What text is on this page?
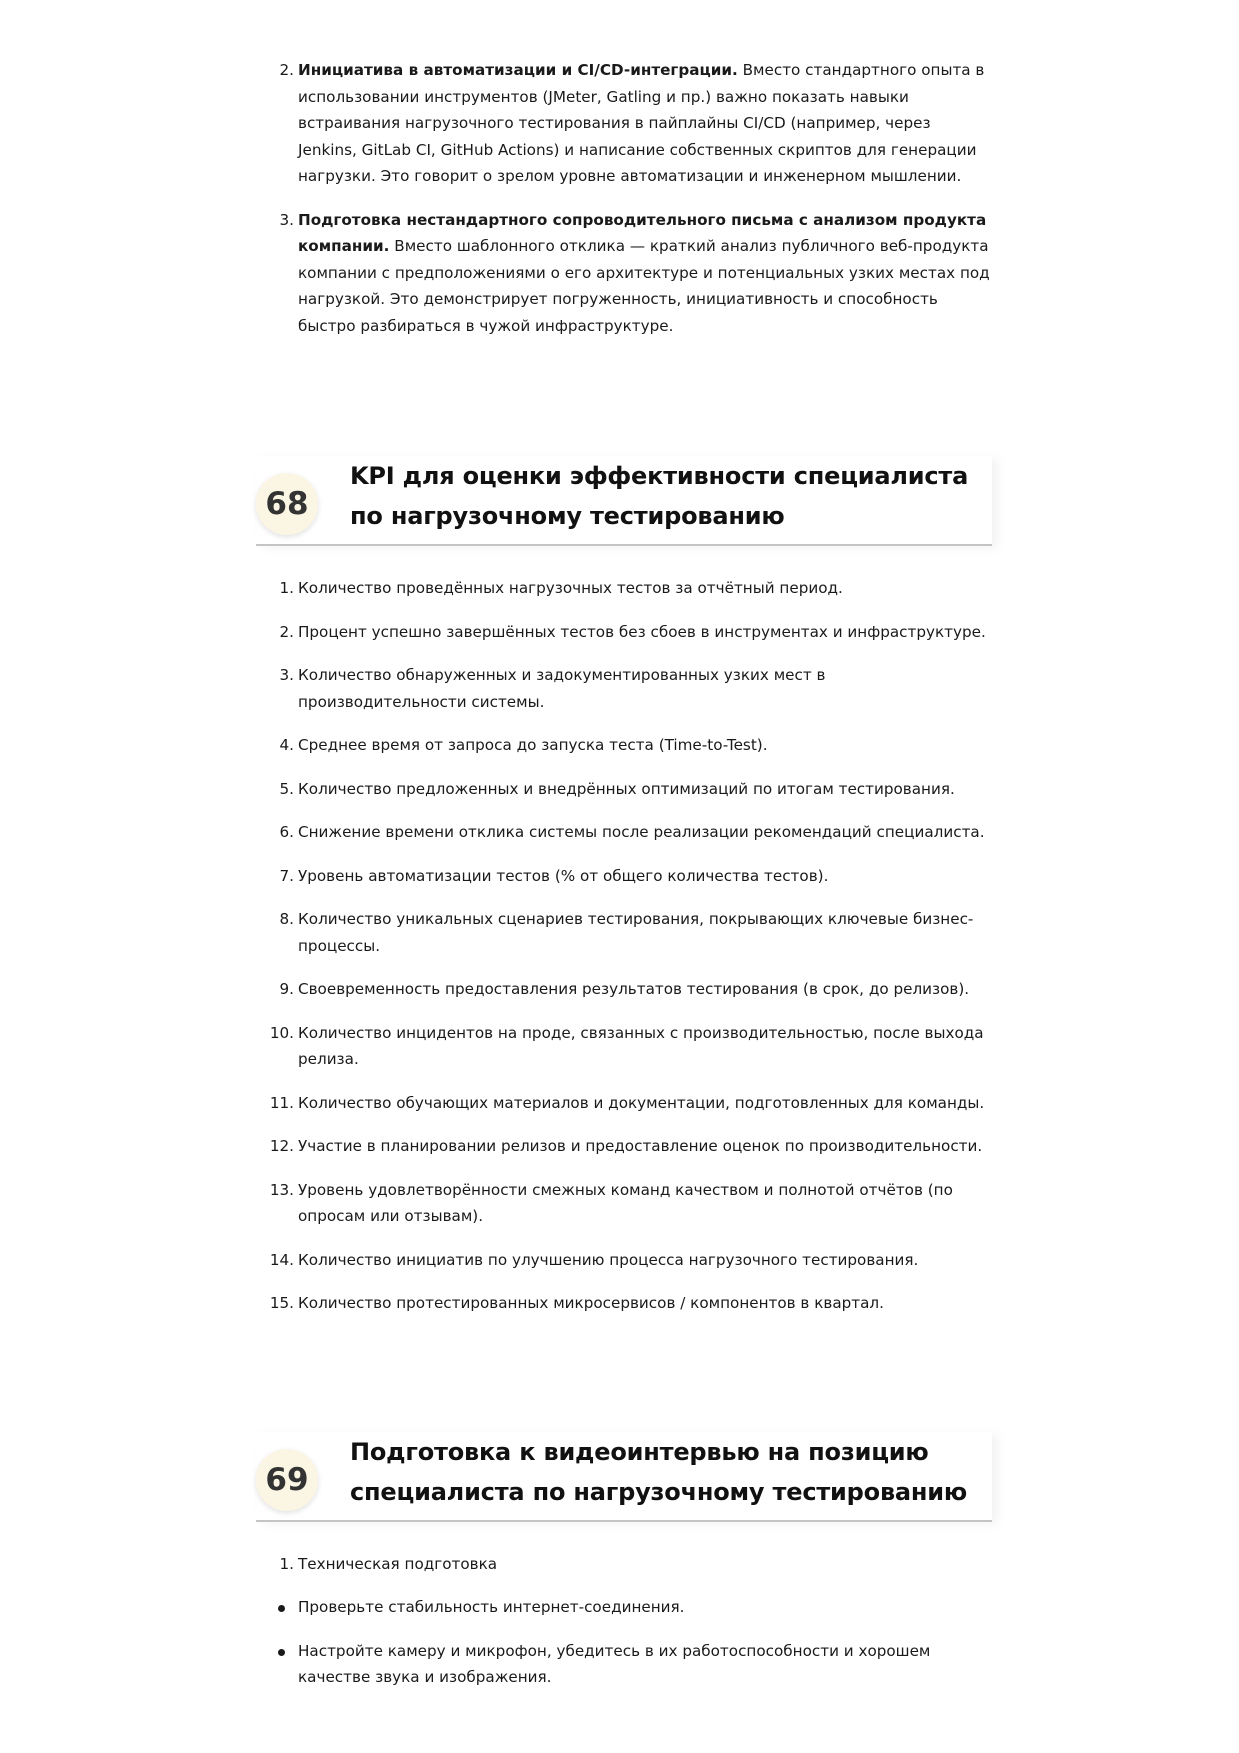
2. Инициатива в автоматизации и CI/CD-интеграции. Вместо стандартного опыта в использовании инструментов (JMeter, Gatling и пр.) важно показать навыки встраивания нагрузочного тестирования в пайплайны CI/CD (например, через Jenkins, GitLab CI, GitHub Actions) и написание собственных скриптов для генерации нагрузки. Это говорит о зрелом уровне автоматизации и инженерном мышлении.
3. Подготовка нестандартного сопроводительного письма с анализом продукта компании. Вместо шаблонного отклика — краткий анализ публичного веб-продукта компании с предположениями о его архитектуре и потенциальных узких местах под нагрузкой. Это демонстрирует погруженность, инициативность и способность быстро разбираться в чужой инфраструктуре.
68
KPI для оценки эффективности специалиста по нагрузочному тестированию
1. Количество проведённых нагрузочных тестов за отчётный период.
2. Процент успешно завершённых тестов без сбоев в инструментах и инфраструктуре.
3. Количество обнаруженных и задокументированных узких мест в производительности системы.
4. Среднее время от запроса до запуска теста (Time-to-Test).
5. Количество предложенных и внедрённых оптимизаций по итогам тестирования.
6. Снижение времени отклика системы после реализации рекомендаций специалиста.
7. Уровень автоматизации тестов (% от общего количества тестов).
8. Количество уникальных сценариев тестирования, покрывающих ключевые бизнес-процессы.
9. Своевременность предоставления результатов тестирования (в срок, до релизов).
10. Количество инцидентов на проде, связанных с производительностью, после выхода релиза.
11. Количество обучающих материалов и документации, подготовленных для команды.
12. Участие в планировании релизов и предоставление оценок по производительности.
13. Уровень удовлетворённости смежных команд качеством и полнотой отчётов (по опросам или отзывам).
14. Количество инициатив по улучшению процесса нагрузочного тестирования.
15. Количество протестированных микросервисов / компонентов в квартал.
69
Подготовка к видеоинтервью на позицию специалиста по нагрузочному тестированию
1. Техническая подготовка
Проверьте стабильность интернет-соединения.
Настройте камеру и микрофон, убедитесь в их работоспособности и хорошем качестве звука и изображения.
